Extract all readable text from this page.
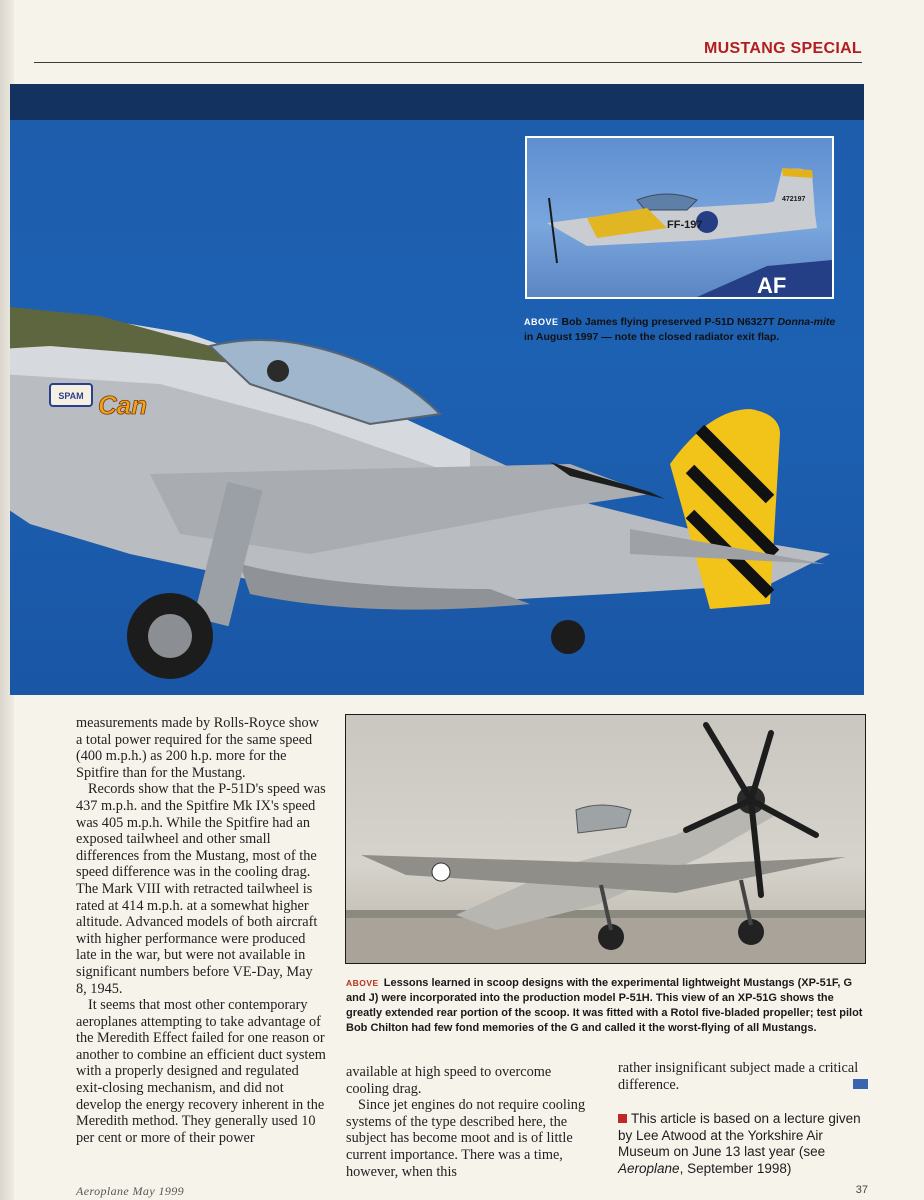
MUSTANG SPECIAL
SPAM Can
FF-197
472197
AF
ABOVE Bob James flying preserved P-51D N6327T Donna-mite in August 1997 — note the closed radiator exit flap.

measurements made by Rolls-Royce show a total power required for the same speed (400 m.p.h.) as 200 h.p. more for the Spitfire than for the Mustang.

Records show that the P-51D's speed was 437 m.p.h. and the Spitfire Mk IX's speed was 405 m.p.h. While the Spitfire had an exposed tailwheel and other small differences from the Mustang, most of the speed difference was in the cooling drag. The Mark VIII with retracted tailwheel is rated at 414 m.p.h. at a somewhat higher altitude. Advanced models of both aircraft with higher performance were produced late in the war, but were not available in significant numbers before VE-Day, May 8, 1945.

It seems that most other contemporary aeroplanes attempting to take advantage of the Meredith Effect failed for one reason or another to combine an efficient duct system with a properly designed and regulated exit-closing mechanism, and did not develop the energy recovery inherent in the Meredith method. They generally used 10 per cent or more of their power

ABOVE Lessons learned in scoop designs with the experimental lightweight Mustangs (XP-51F, G and J) were incorporated into the production model P-51H. This view of an XP-51G shows the greatly extended rear portion of the scoop. It was fitted with a Rotol five-bladed propeller; test pilot Bob Chilton had few fond memories of the G and called it the worst-flying of all Mustangs.

available at high speed to overcome cooling drag.

Since jet engines do not require cooling systems of the type described here, the subject has become moot and is of little current importance. There was a time, however, when this

rather insignificant subject made a critical difference.

This article is based on a lecture given by Lee Atwood at the Yorkshire Air Museum on June 13 last year (see Aeroplane, September 1998)

Aeroplane May 1999	37
